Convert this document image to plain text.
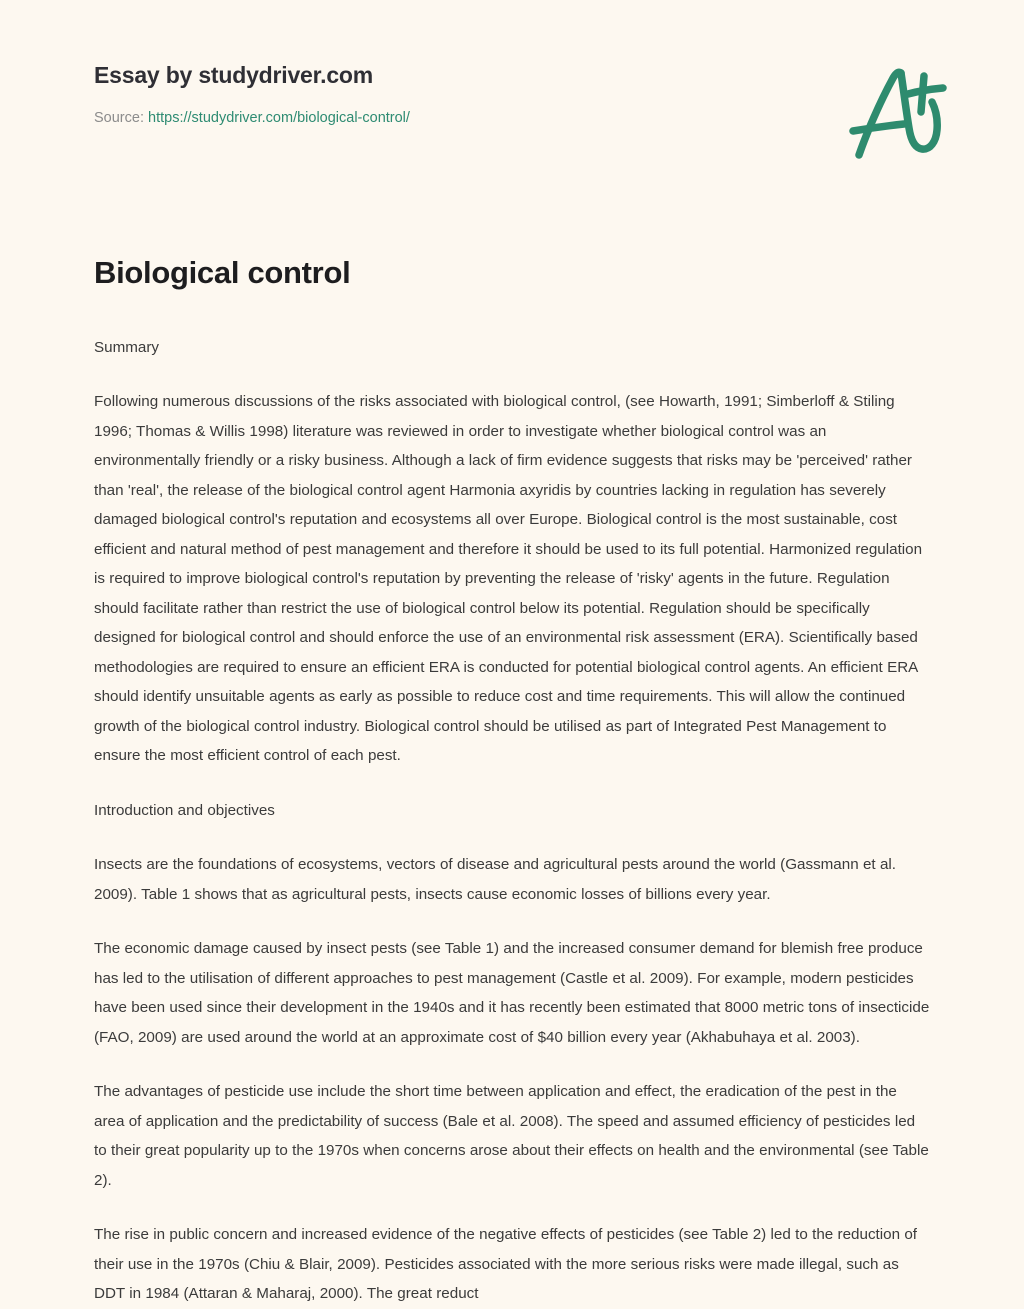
Essay by studydriver.com
Source: https://studydriver.com/biological-control/
Biological control

Summary

Following numerous discussions of the risks associated with biological control, (see Howarth, 1991; Simberloff & Stiling 1996; Thomas & Willis 1998) literature was reviewed in order to investigate whether biological control was an environmentally friendly or a risky business. Although a lack of firm evidence suggests that risks may be 'perceived' rather than 'real', the release of the biological control agent Harmonia axyridis by countries lacking in regulation has severely damaged biological control's reputation and ecosystems all over Europe. Biological control is the most sustainable, cost efficient and natural method of pest management and therefore it should be used to its full potential. Harmonized regulation is required to improve biological control's reputation by preventing the release of 'risky' agents in the future. Regulation should facilitate rather than restrict the use of biological control below its potential. Regulation should be specifically designed for biological control and should enforce the use of an environmental risk assessment (ERA). Scientifically based methodologies are required to ensure an efficient ERA is conducted for potential biological control agents. An efficient ERA should identify unsuitable agents as early as possible to reduce cost and time requirements. This will allow the continued growth of the biological control industry. Biological control should be utilised as part of Integrated Pest Management to ensure the most efficient control of each pest.

Introduction and objectives

Insects are the foundations of ecosystems, vectors of disease and agricultural pests around the world (Gassmann et al. 2009). Table 1 shows that as agricultural pests, insects cause economic losses of billions every year.

The economic damage caused by insect pests (see Table 1) and the increased consumer demand for blemish free produce has led to the utilisation of different approaches to pest management (Castle et al. 2009). For example, modern pesticides have been used since their development in the 1940s and it has recently been estimated that 8000 metric tons of insecticide (FAO, 2009) are used around the world at an approximate cost of $40 billion every year (Akhabuhaya et al. 2003).

The advantages of pesticide use include the short time between application and effect, the eradication of the pest in the area of application and the predictability of success (Bale et al. 2008). The speed and assumed efficiency of pesticides led to their great popularity up to the 1970s when concerns arose about their effects on health and the environmental (see Table 2).

The rise in public concern and increased evidence of the negative effects of pesticides (see Table 2) led to the reduction of their use in the 1970s (Chiu & Blair, 2009). Pesticides associated with the more serious risks were made illegal, such as DDT in 1984 (Attaran & Maharaj, 2000). The great reduct
